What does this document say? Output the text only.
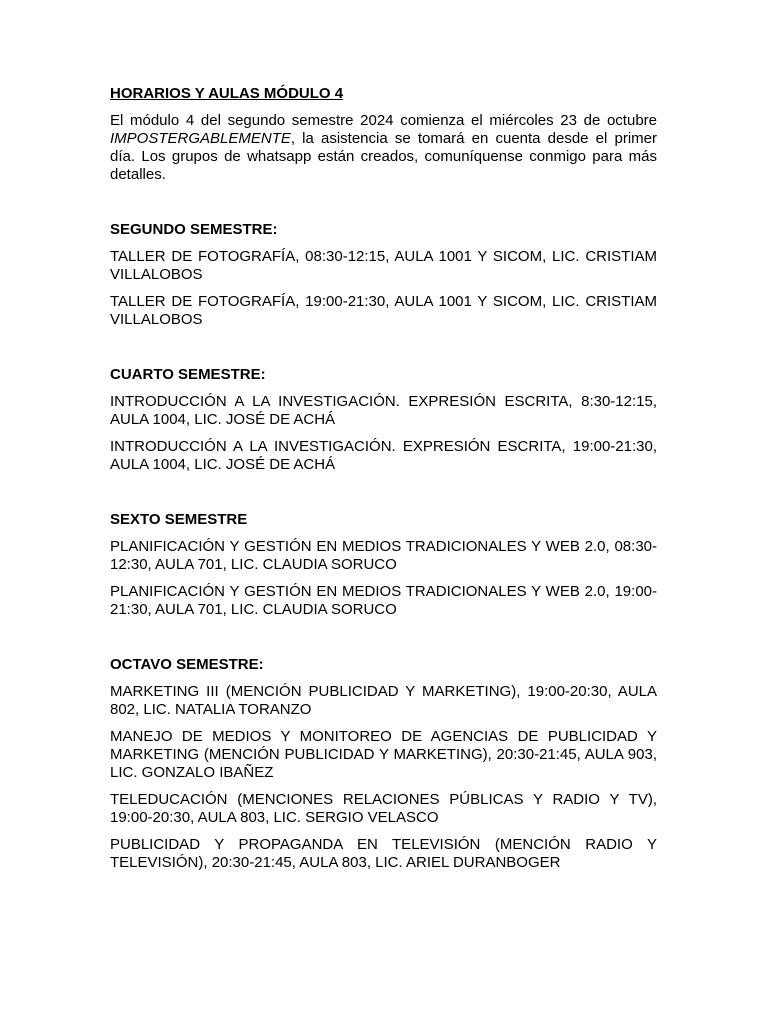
HORARIOS Y AULAS MÓDULO 4

El módulo 4 del segundo semestre 2024 comienza el miércoles 23 de octubre IMPOSTERGABLEMENTE, la asistencia se tomará en cuenta desde el primer día. Los grupos de whatsapp están creados, comuníquense conmigo para más detalles.

SEGUNDO SEMESTRE:

TALLER DE FOTOGRAFÍA, 08:30-12:15, AULA 1001 Y SICOM, LIC. CRISTIAM VILLALOBOS

TALLER DE FOTOGRAFÍA, 19:00-21:30, AULA 1001 Y SICOM, LIC. CRISTIAM VILLALOBOS

CUARTO SEMESTRE:

INTRODUCCIÓN A LA INVESTIGACIÓN. EXPRESIÓN ESCRITA, 8:30-12:15, AULA 1004, LIC. JOSÉ DE ACHÁ

INTRODUCCIÓN A LA INVESTIGACIÓN. EXPRESIÓN ESCRITA, 19:00-21:30, AULA 1004, LIC. JOSÉ DE ACHÁ

SEXTO SEMESTRE

PLANIFICACIÓN Y GESTIÓN EN MEDIOS TRADICIONALES Y WEB 2.0, 08:30-12:30, AULA 701, LIC. CLAUDIA SORUCO

PLANIFICACIÓN Y GESTIÓN EN MEDIOS TRADICIONALES Y WEB 2.0, 19:00-21:30, AULA 701, LIC. CLAUDIA SORUCO

OCTAVO SEMESTRE:

MARKETING III (MENCIÓN PUBLICIDAD Y MARKETING), 19:00-20:30, AULA 802, LIC. NATALIA TORANZO

MANEJO DE MEDIOS Y MONITOREO DE AGENCIAS DE PUBLICIDAD Y MARKETING (MENCIÓN PUBLICIDAD Y MARKETING), 20:30-21:45, AULA 903, LIC. GONZALO IBAÑEZ

TELEDUCACIÓN (MENCIONES RELACIONES PÚBLICAS Y RADIO Y TV), 19:00-20:30, AULA 803, LIC. SERGIO VELASCO

PUBLICIDAD Y PROPAGANDA EN TELEVISIÓN (MENCIÓN RADIO Y TELEVISIÓN), 20:30-21:45, AULA 803, LIC. ARIEL DURANBOGER
